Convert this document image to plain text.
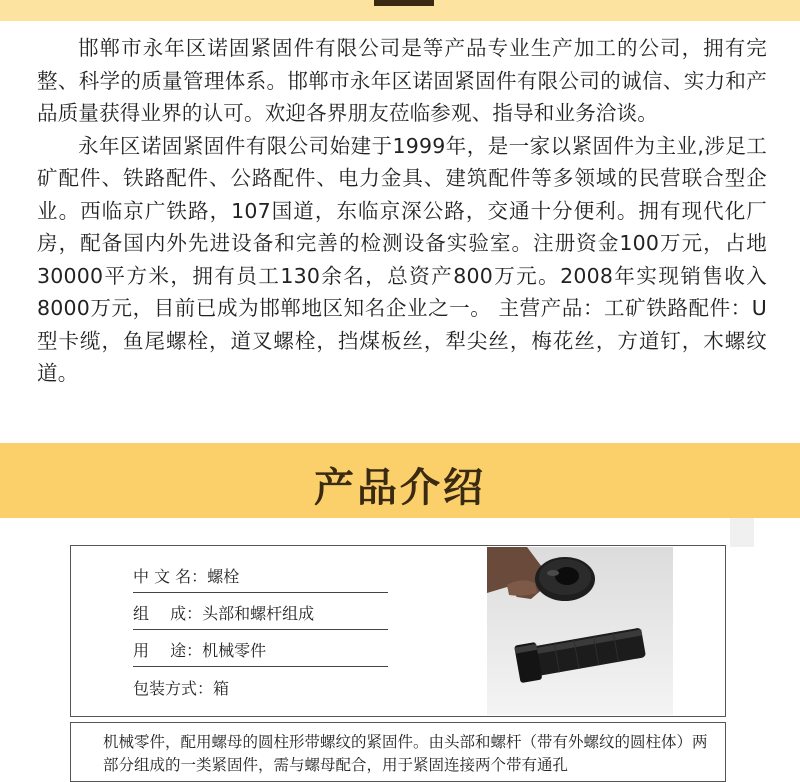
邯郸市永年区诺固紧固件有限公司是等产品专业生产加工的公司，拥有完整、科学的质量管理体系。邯郸市永年区诺固紧固件有限公司的诚信、实力和产品质量获得业界的认可。欢迎各界朋友莅临参观、指导和业务洽谈。

永年区诺固紧固件有限公司始建于1999年，是一家以紧固件为主业,涉足工矿配件、铁路配件、公路配件、电力金具、建筑配件等多领域的民营联合型企业。西临京广铁路，107国道，东临京深公路，交通十分便利。拥有现代化厂房，配备国内外先进设备和完善的检测设备实验室。注册资金100万元，占地30000平方米，拥有员工130余名，总资产800万元。2008年实现销售收入8000万元，目前已成为邯郸地区知名企业之一。 主营产品：工矿铁路配件：U型卡缆，鱼尾螺栓，道叉螺栓，挡煤板丝，犁尖丝，梅花丝，方道钉，木螺纹道。

产品介绍
中 文 名：螺栓
组　 成：头部和螺杆组成
用　 途：机械零件
包装方式：箱

机械零件，配用螺母的圆柱形带螺纹的紧固件。由头部和螺杆（带有外螺纹的圆柱体）两部分组成的一类紧固件，需与螺母配合，用于紧固连接两个带有通孔
